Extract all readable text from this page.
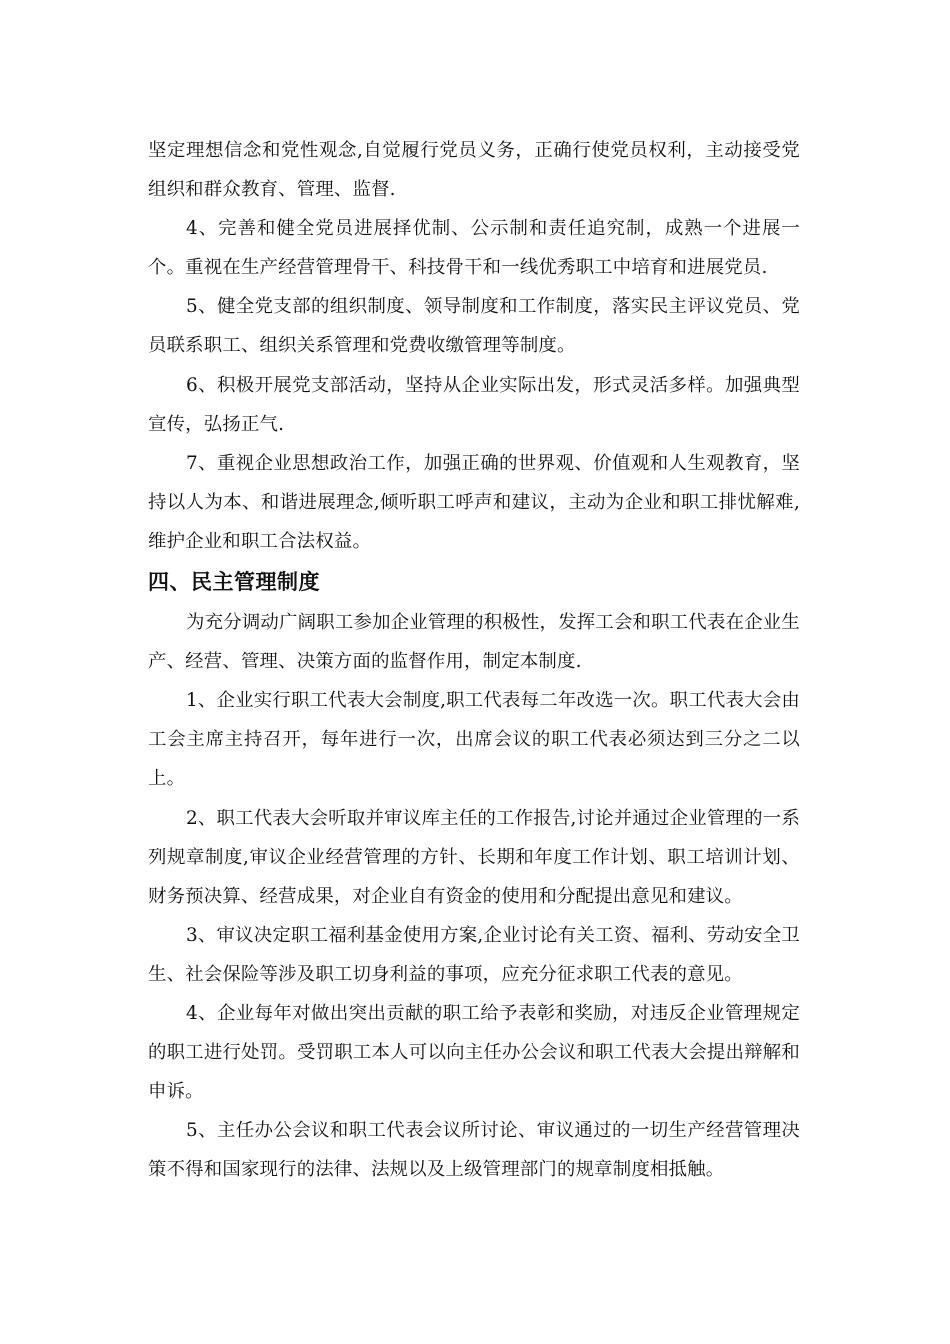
坚定理想信念和党性观念,自觉履行党员义务，正确行使党员权利，主动接受党组织和群众教育、管理、监督.

4、完善和健全党员进展择优制、公示制和责任追究制，成熟一个进展一个。重视在生产经营管理骨干、科技骨干和一线优秀职工中培育和进展党员.

5、健全党支部的组织制度、领导制度和工作制度，落实民主评议党员、党员联系职工、组织关系管理和党费收缴管理等制度。

6、积极开展党支部活动，坚持从企业实际出发，形式灵活多样。加强典型宣传，弘扬正气.

7、重视企业思想政治工作，加强正确的世界观、价值观和人生观教育，坚持以人为本、和谐进展理念,倾听职工呼声和建议，主动为企业和职工排忧解难,维护企业和职工合法权益。

四、民主管理制度

为充分调动广阔职工参加企业管理的积极性，发挥工会和职工代表在企业生产、经营、管理、决策方面的监督作用，制定本制度.

1、企业实行职工代表大会制度,职工代表每二年改选一次。职工代表大会由工会主席主持召开，每年进行一次，出席会议的职工代表必须达到三分之二以上。

2、职工代表大会听取并审议库主任的工作报告,讨论并通过企业管理的一系列规章制度,审议企业经营管理的方针、长期和年度工作计划、职工培训计划、财务预决算、经营成果，对企业自有资金的使用和分配提出意见和建议。

3、审议决定职工福利基金使用方案,企业讨论有关工资、福利、劳动安全卫生、社会保险等涉及职工切身利益的事项，应充分征求职工代表的意见。

4、企业每年对做出突出贡献的职工给予表彰和奖励，对违反企业管理规定的职工进行处罚。受罚职工本人可以向主任办公会议和职工代表大会提出辩解和申诉。

5、主任办公会议和职工代表会议所讨论、审议通过的一切生产经营管理决策不得和国家现行的法律、法规以及上级管理部门的规章制度相抵触。
